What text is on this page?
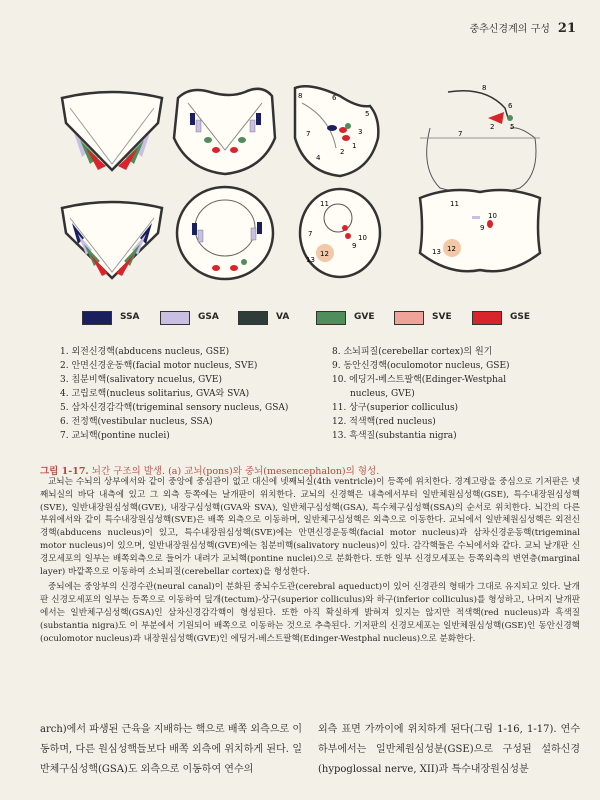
중추신경계의 구성 21
8	6
5
7	3
4
1
2
8
6
7
2 5
11
10
9
7
12
13
11
10
9
12
13
SSA	GSA	VA	GVE	SVE	GSE
1. 외전신경핵(abducens nucleus, GSE)
2. 안면신경운동핵(facial motor nucleus, SVE)
3. 침분비핵(salivatory ncuelus, GVE)
4. 고립로핵(nucleus solitarius, GVA와 SVA)
5. 삼차신경감각핵(trigeminal sensory nucleus, GSA)
6. 전정핵(vestibular nucleus, SSA)
7. 교뇌핵(pontine nuclei)
8. 소뇌피질(cerebellar cortex)의 원기
9. 동안신경핵(oculomotor nucleus, GSE)
10. 에딩거-베스트팔핵(Edinger-Westphal
nucleus, GVE)
11. 상구(superior colliculus)
12. 적색핵(red nucleus)
13. 흑색질(substantia nigra)
그림 1-17. 뇌간 구조의 발생. (a) 교뇌(pons)와 중뇌(mesencephalon)의 형성.

교뇌는 수뇌의 상부에서와 같이 중앙에 중심관이 없고 대신에 넷째뇌실(4th ventricle)이 등쪽에 위치한다. 경계고랑을 중심으로 기저판은 넷째뇌실의 바닥 내측에 있고 그 외측 등쪽에는 날개판이 위치한다. 교뇌의 신경핵은 내측에서부터 일반체원심성핵(GSE), 특수내장원심성핵(SVE), 일반내장원심성핵(GVE), 내장구심성핵(GVA와 SVA), 일반체구심성핵(GSA), 특수체구심성핵(SSA)의 순서로 위치한다. 뇌간의 다른 부위에서와 같이 특수내장원심성핵(SVE)은 배쪽 외측으로 이동하며, 일반체구심성핵은 외측으로 이동한다. 교뇌에서 일반체원심성핵은 외전신경핵(abducens nucleus)이 있고, 특수내장원심성핵(SVE)에는 안면신경운동핵(facial motor nucleus)과 삼차신경운동핵(trigeminal motor nucleus)이 있으며, 일반내장원심성핵(GVE)에는 침분비핵(salivatory nucleus)이 있다. 감각핵들은 수뇌에서와 같다. 교뇌 날개판 신경모세포의 일부는 배쪽외측으로 들어가 내려가 교뇌핵(pontine nuclei)으로 분화한다. 또한 일부 신경모세포는 등쪽외측의 변연층(marginal layer) 바깥쪽으로 이동하여 소뇌피질(cerebellar cortex)을 형성한다.

중뇌에는 중앙부의 신경수관(neural canal)이 분화된 중뇌수도관(cerebral aqueduct)이 있어 신경관의 형태가 그대로 유지되고 있다. 날개판 신경모세포의 일부는 등쪽으로 이동하여 덮개(tectum)-상구(superior colliculus)와 하구(inferior colliculus)를 형성하고, 나머지 날개판에서는 일반체구심성핵(GSA)인 삼차신경감각핵이 형성된다. 또한 아직 확실하게 밝혀져 있지는 않지만 적색핵(red nucleus)과 흑색질(substantia nigra)도 이 부분에서 기원되어 배쪽으로 이동하는 것으로 추측된다. 기저판의 신경모세포는 일반체원심성핵(GSE)인 동안신경핵(oculomotor nucleus)과 내장원심성핵(GVE)인 에딩거-베스트팔핵(Edinger-Westphal nucleus)으로 분화한다.

arch)에서 파생된 근육을 지배하는 핵으로 배쪽 외측으로 이동하며, 다른 원심성핵들보다 배쪽 외측에 위치하게 된다. 일반체구심성핵(GSA)도 외측으로 이동하여 연수의

외측 표면 가까이에 위치하게 된다(그림 1-16, 1-17). 연수 하부에서는 일반체원심성분(GSE)으로 구성된 설하신경(hypoglossal nerve, XII)과 특수내장원심성분
